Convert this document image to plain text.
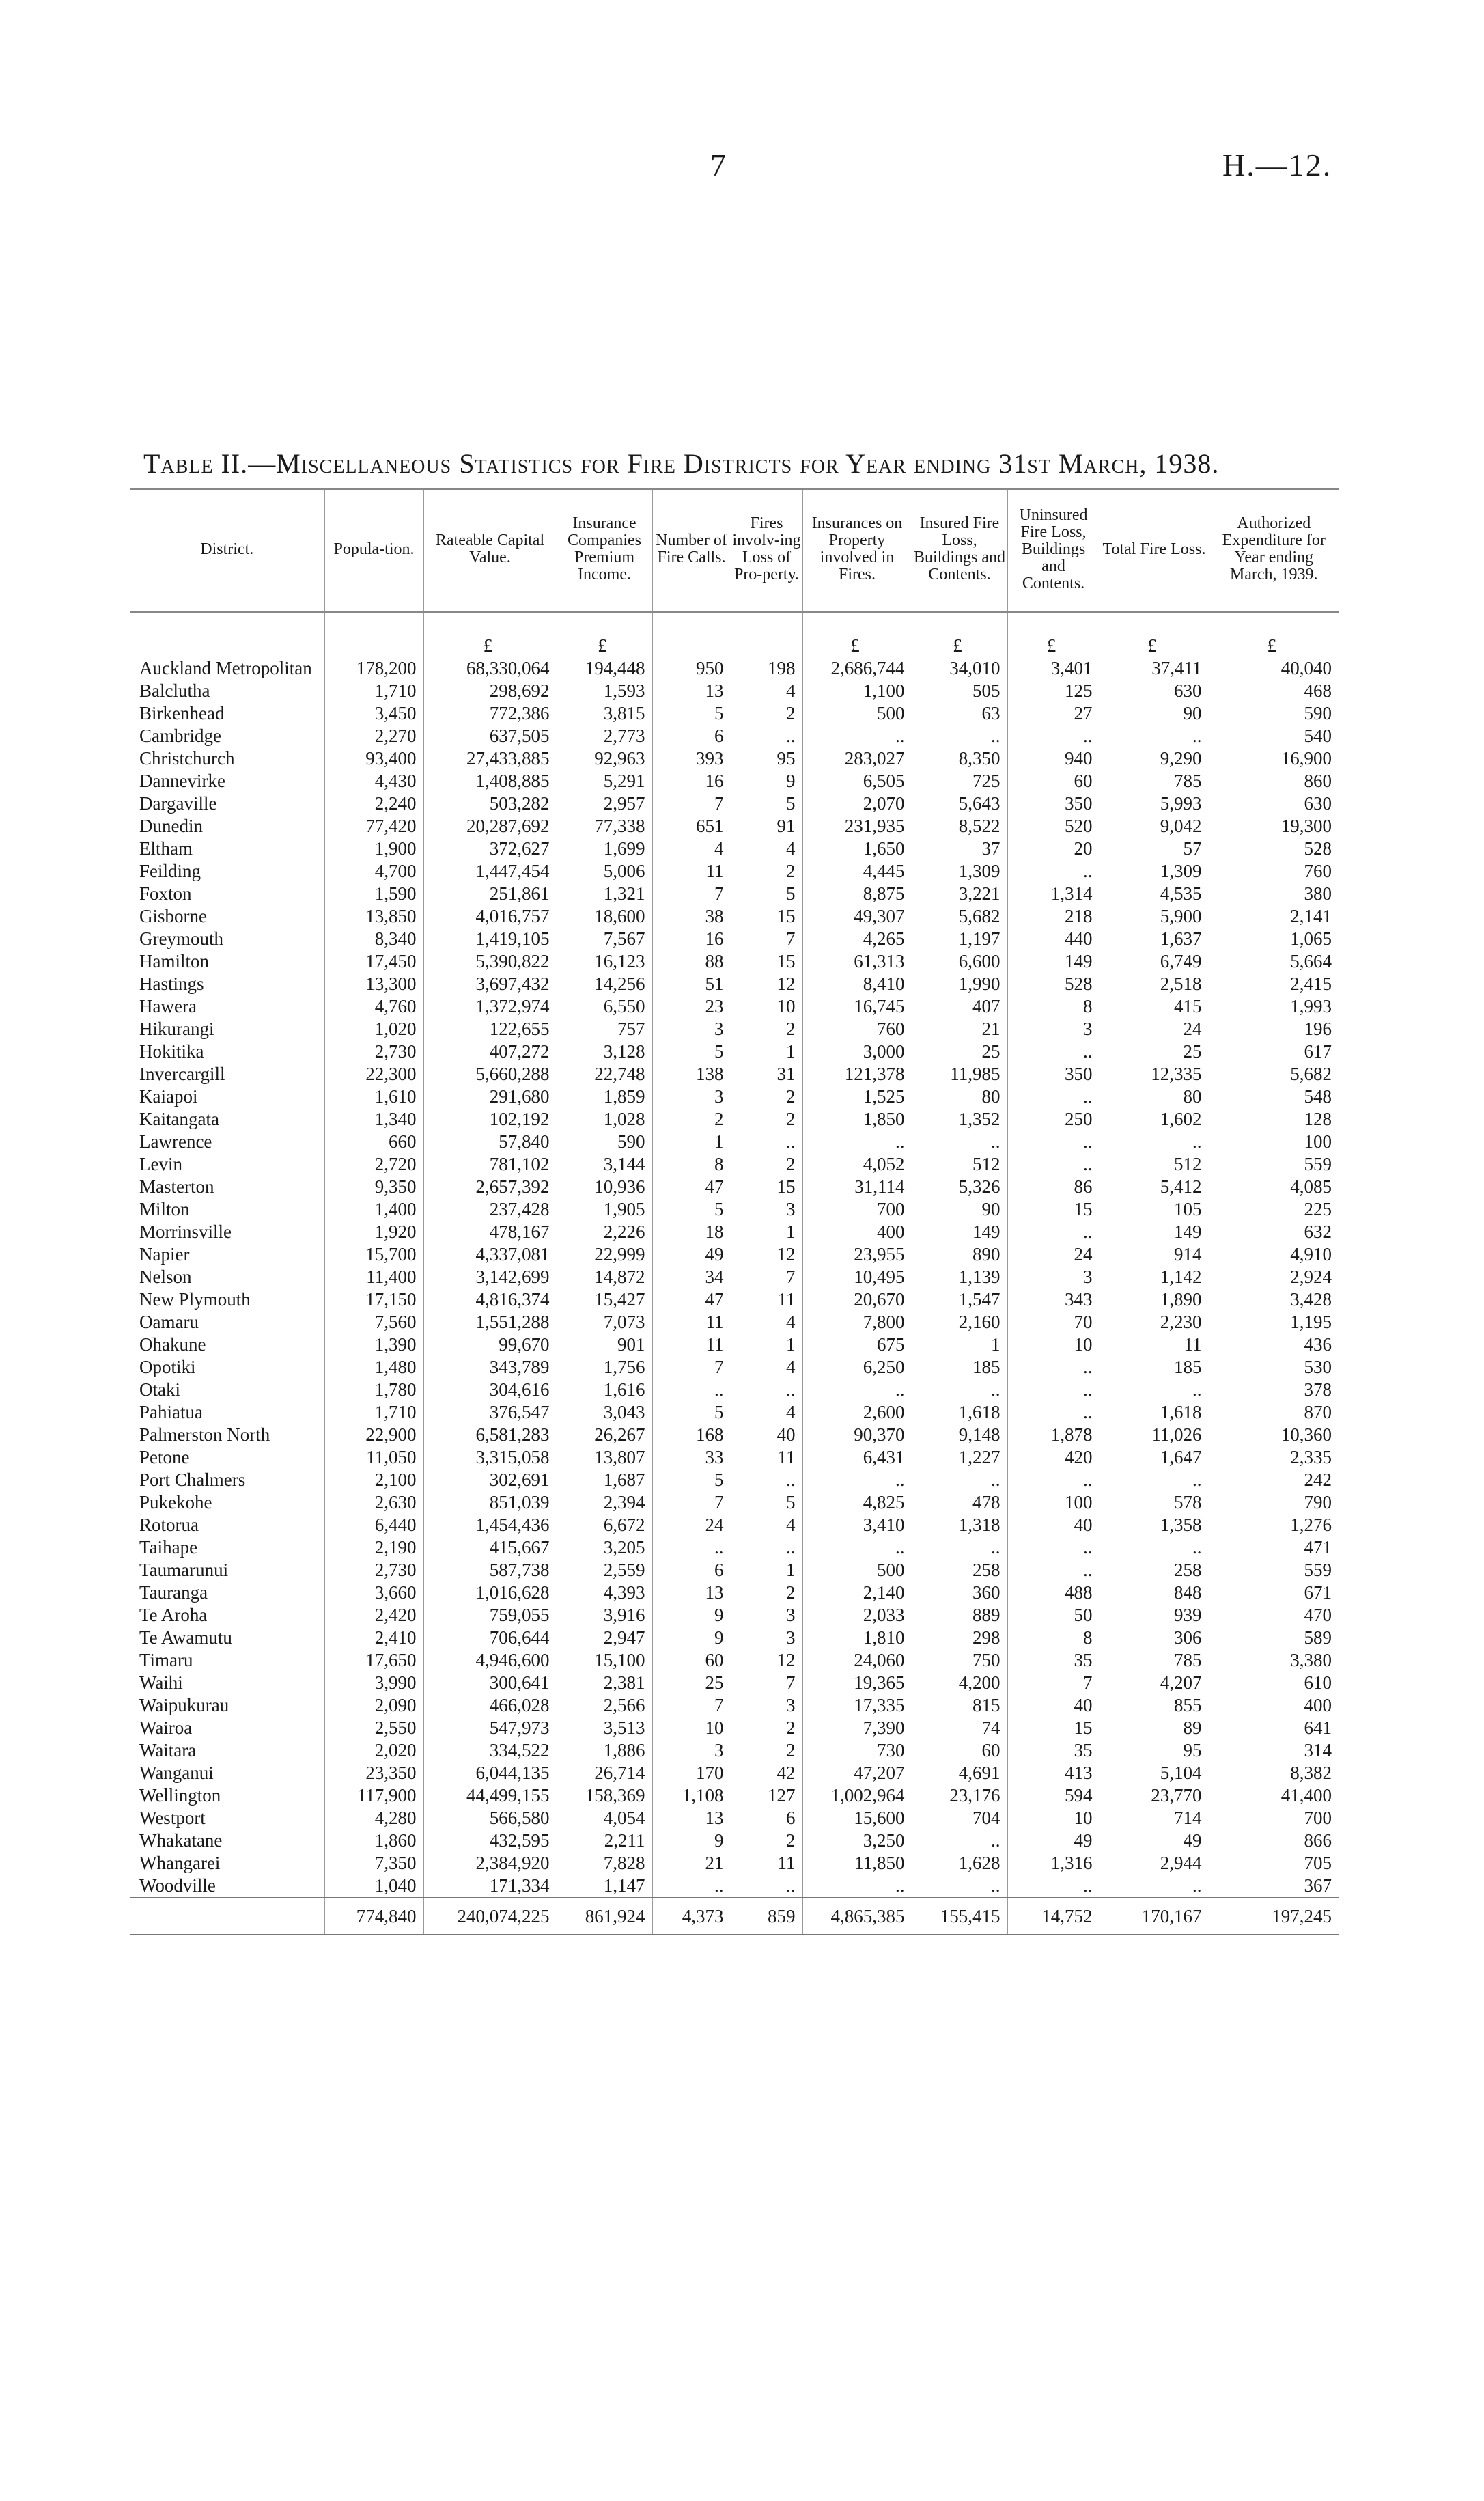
7	H.—12.
Table II.—Miscellaneous Statistics for Fire Districts for Year ending 31st March, 1938.
District.	Popula-tion.	Rateable Capital Value.	Insurance Companies Premium Income.	Number of Fire Calls.	Fires involv-ing Loss of Pro-perty.	Insurances on Property involved in Fires.	Insured Fire Loss, Buildings and Contents.	Uninsured Fire Loss, Buildings and Contents.	Total Fire Loss.	Authorized Expenditure for Year ending March, 1939.
		£	£			£	£	£	£	£
Auckland Metropolitan	178,200	68,330,064	194,448	950	198	2,686,744	34,010	3,401	37,411	40,040
Balclutha	1,710	298,692	1,593	13	4	1,100	505	125	630	468
Birkenhead	3,450	772,386	3,815	5	2	500	63	27	90	590
Cambridge	2,270	637,505	2,773	6	..	..	..	..	..	540
Christchurch	93,400	27,433,885	92,963	393	95	283,027	8,350	940	9,290	16,900
Dannevirke	4,430	1,408,885	5,291	16	9	6,505	725	60	785	860
Dargaville	2,240	503,282	2,957	7	5	2,070	5,643	350	5,993	630
Dunedin	77,420	20,287,692	77,338	651	91	231,935	8,522	520	9,042	19,300
Eltham	1,900	372,627	1,699	4	4	1,650	37	20	57	528
Feilding	4,700	1,447,454	5,006	11	2	4,445	1,309	..	1,309	760
Foxton	1,590	251,861	1,321	7	5	8,875	3,221	1,314	4,535	380
Gisborne	13,850	4,016,757	18,600	38	15	49,307	5,682	218	5,900	2,141
Greymouth	8,340	1,419,105	7,567	16	7	4,265	1,197	440	1,637	1,065
Hamilton	17,450	5,390,822	16,123	88	15	61,313	6,600	149	6,749	5,664
Hastings	13,300	3,697,432	14,256	51	12	8,410	1,990	528	2,518	2,415
Hawera	4,760	1,372,974	6,550	23	10	16,745	407	8	415	1,993
Hikurangi	1,020	122,655	757	3	2	760	21	3	24	196
Hokitika	2,730	407,272	3,128	5	1	3,000	25	..	25	617
Invercargill	22,300	5,660,288	22,748	138	31	121,378	11,985	350	12,335	5,682
Kaiapoi	1,610	291,680	1,859	3	2	1,525	80	..	80	548
Kaitangata	1,340	102,192	1,028	2	2	1,850	1,352	250	1,602	128
Lawrence	660	57,840	590	1	..	..	..	..	..	100
Levin	2,720	781,102	3,144	8	2	4,052	512	..	512	559
Masterton	9,350	2,657,392	10,936	47	15	31,114	5,326	86	5,412	4,085
Milton	1,400	237,428	1,905	5	3	700	90	15	105	225
Morrinsville	1,920	478,167	2,226	18	1	400	149	..	149	632
Napier	15,700	4,337,081	22,999	49	12	23,955	890	24	914	4,910
Nelson	11,400	3,142,699	14,872	34	7	10,495	1,139	3	1,142	2,924
New Plymouth	17,150	4,816,374	15,427	47	11	20,670	1,547	343	1,890	3,428
Oamaru	7,560	1,551,288	7,073	11	4	7,800	2,160	70	2,230	1,195
Ohakune	1,390	99,670	901	11	1	675	1	10	11	436
Opotiki	1,480	343,789	1,756	7	4	6,250	185	..	185	530
Otaki	1,780	304,616	1,616	..	..	..	..	..	..	378
Pahiatua	1,710	376,547	3,043	5	4	2,600	1,618	..	1,618	870
Palmerston North	22,900	6,581,283	26,267	168	40	90,370	9,148	1,878	11,026	10,360
Petone	11,050	3,315,058	13,807	33	11	6,431	1,227	420	1,647	2,335
Port Chalmers	2,100	302,691	1,687	5	..	..	..	..	..	242
Pukekohe	2,630	851,039	2,394	7	5	4,825	478	100	578	790
Rotorua	6,440	1,454,436	6,672	24	4	3,410	1,318	40	1,358	1,276
Taihape	2,190	415,667	3,205	..	..	..	..	..	..	471
Taumarunui	2,730	587,738	2,559	6	1	500	258	..	258	559
Tauranga	3,660	1,016,628	4,393	13	2	2,140	360	488	848	671
Te Aroha	2,420	759,055	3,916	9	3	2,033	889	50	939	470
Te Awamutu	2,410	706,644	2,947	9	3	1,810	298	8	306	589
Timaru	17,650	4,946,600	15,100	60	12	24,060	750	35	785	3,380
Waihi	3,990	300,641	2,381	25	7	19,365	4,200	7	4,207	610
Waipukurau	2,090	466,028	2,566	7	3	17,335	815	40	855	400
Wairoa	2,550	547,973	3,513	10	2	7,390	74	15	89	641
Waitara	2,020	334,522	1,886	3	2	730	60	35	95	314
Wanganui	23,350	6,044,135	26,714	170	42	47,207	4,691	413	5,104	8,382
Wellington	117,900	44,499,155	158,369	1,108	127	1,002,964	23,176	594	23,770	41,400
Westport	4,280	566,580	4,054	13	6	15,600	704	10	714	700
Whakatane	1,860	432,595	2,211	9	2	3,250	..	49	49	866
Whangarei	7,350	2,384,920	7,828	21	11	11,850	1,628	1,316	2,944	705
Woodville	1,040	171,334	1,147	..	..	..	..	..	..	367
	774,840	240,074,225	861,924	4,373	859	4,865,385	155,415	14,752	170,167	197,245
